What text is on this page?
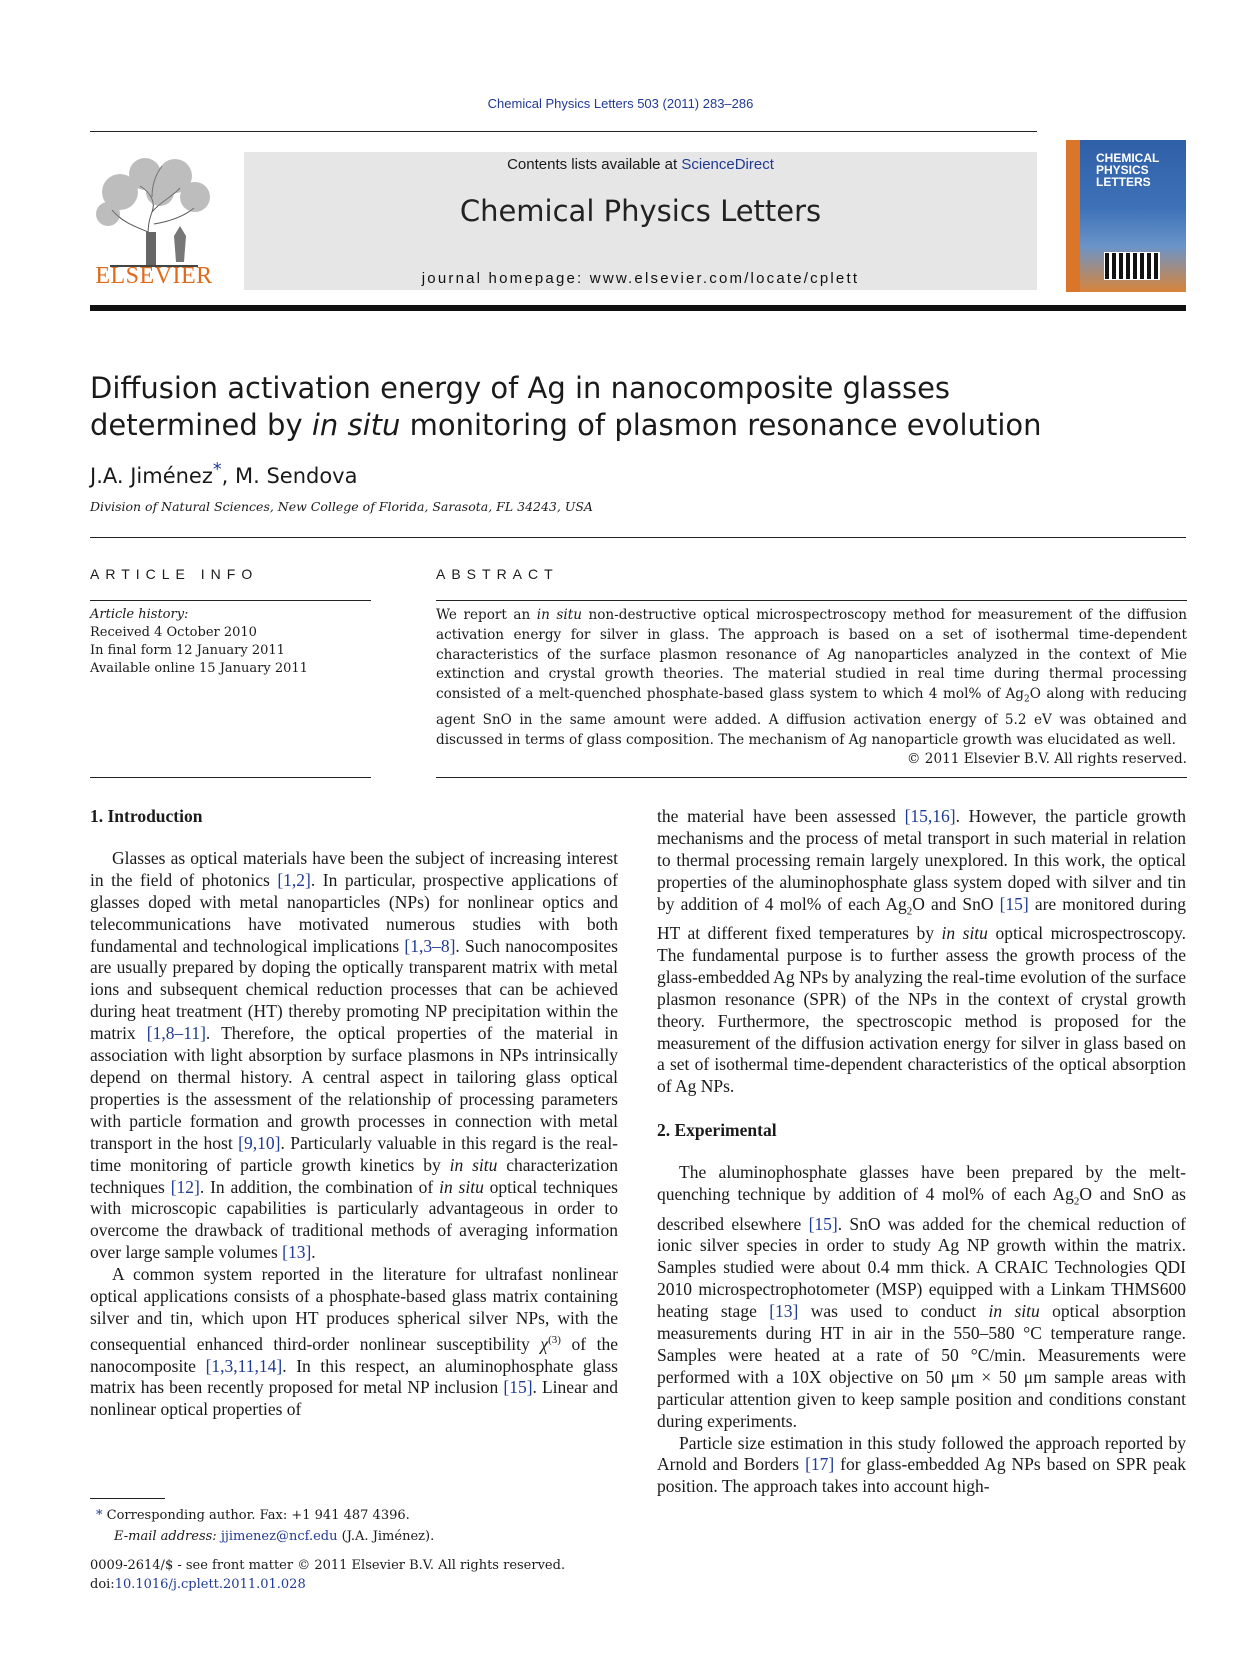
Chemical Physics Letters 503 (2011) 283–286
ELSEVIER
Contents lists available at ScienceDirect
Chemical Physics Letters
journal homepage: www.elsevier.com/locate/cplett
CHEMICAL PHYSICS LETTERS
Diffusion activation energy of Ag in nanocomposite glasses determined by in situ monitoring of plasmon resonance evolution
J.A. Jiménez*, M. Sendova
Division of Natural Sciences, New College of Florida, Sarasota, FL 34243, USA
ARTICLE INFO
Article history:
Received 4 October 2010
In final form 12 January 2011
Available online 15 January 2011
ABSTRACT
We report an in situ non-destructive optical microspectroscopy method for measurement of the diffusion activation energy for silver in glass. The approach is based on a set of isothermal time-dependent characteristics of the surface plasmon resonance of Ag nanoparticles analyzed in the context of Mie extinction and crystal growth theories. The material studied in real time during thermal processing consisted of a melt-quenched phosphate-based glass system to which 4 mol% of $Ag_2O$ along with reducing agent SnO in the same amount were added. A diffusion activation energy of 5.2 eV was obtained and discussed in terms of glass composition. The mechanism of Ag nanoparticle growth was elucidated as well.
© 2011 Elsevier B.V. All rights reserved.
1. Introduction

Glasses as optical materials have been the subject of increasing interest in the field of photonics [1,2]. In particular, prospective applications of glasses doped with metal nanoparticles (NPs) for nonlinear optics and telecommunications have motivated numerous studies with both fundamental and technological implications [1,3–8]. Such nanocomposites are usually prepared by doping the optically transparent matrix with metal ions and subsequent chemical reduction processes that can be achieved during heat treatment (HT) thereby promoting NP precipitation within the matrix [1,8–11]. Therefore, the optical properties of the material in association with light absorption by surface plasmons in NPs intrinsically depend on thermal history. A central aspect in tailoring glass optical properties is the assessment of the relationship of processing parameters with particle formation and growth processes in connection with metal transport in the host [9,10]. Particularly valuable in this regard is the real-time monitoring of particle growth kinetics by in situ characterization techniques [12]. In addition, the combination of in situ optical techniques with microscopic capabilities is particularly advantageous in order to overcome the drawback of traditional methods of averaging information over large sample volumes [13].

A common system reported in the literature for ultrafast nonlinear optical applications consists of a phosphate-based glass matrix containing silver and tin, which upon HT produces spherical silver NPs, with the consequential enhanced third-order nonlinear susceptibility $\chi^{(3)}$ of the nanocomposite [1,3,11,14]. In this respect, an aluminophosphate glass matrix has been recently proposed for metal NP inclusion [15]. Linear and nonlinear optical properties of

the material have been assessed [15,16]. However, the particle growth mechanisms and the process of metal transport in such material in relation to thermal processing remain largely unexplored. In this work, the optical properties of the aluminophosphate glass system doped with silver and tin by addition of 4 mol% of each $Ag_2O$ and SnO [15] are monitored during HT at different fixed temperatures by in situ optical microspectroscopy. The fundamental purpose is to further assess the growth process of the glass-embedded Ag NPs by analyzing the real-time evolution of the surface plasmon resonance (SPR) of the NPs in the context of crystal growth theory. Furthermore, the spectroscopic method is proposed for the measurement of the diffusion activation energy for silver in glass based on a set of isothermal time-dependent characteristics of the optical absorption of Ag NPs.

2. Experimental

The aluminophosphate glasses have been prepared by the melt-quenching technique by addition of 4 mol% of each $Ag_2O$ and SnO as described elsewhere [15]. SnO was added for the chemical reduction of ionic silver species in order to study Ag NP growth within the matrix. Samples studied were about 0.4 mm thick. A CRAIC Technologies QDI 2010 microspectrophotometer (MSP) equipped with a Linkam THMS600 heating stage [13] was used to conduct in situ optical absorption measurements during HT in air in the 550–580 °C temperature range. Samples were heated at a rate of 50 °C/min. Measurements were performed with a 10X objective on 50 μm × 50 μm sample areas with particular attention given to keep sample position and conditions constant during experiments.

Particle size estimation in this study followed the approach reported by Arnold and Borders [17] for glass-embedded Ag NPs based on SPR peak position. The approach takes into account high-

* Corresponding author. Fax: +1 941 487 4396.
E-mail address: jjimenez@ncf.edu (J.A. Jiménez).
0009-2614/$ - see front matter © 2011 Elsevier B.V. All rights reserved.
doi:10.1016/j.cplett.2011.01.028
